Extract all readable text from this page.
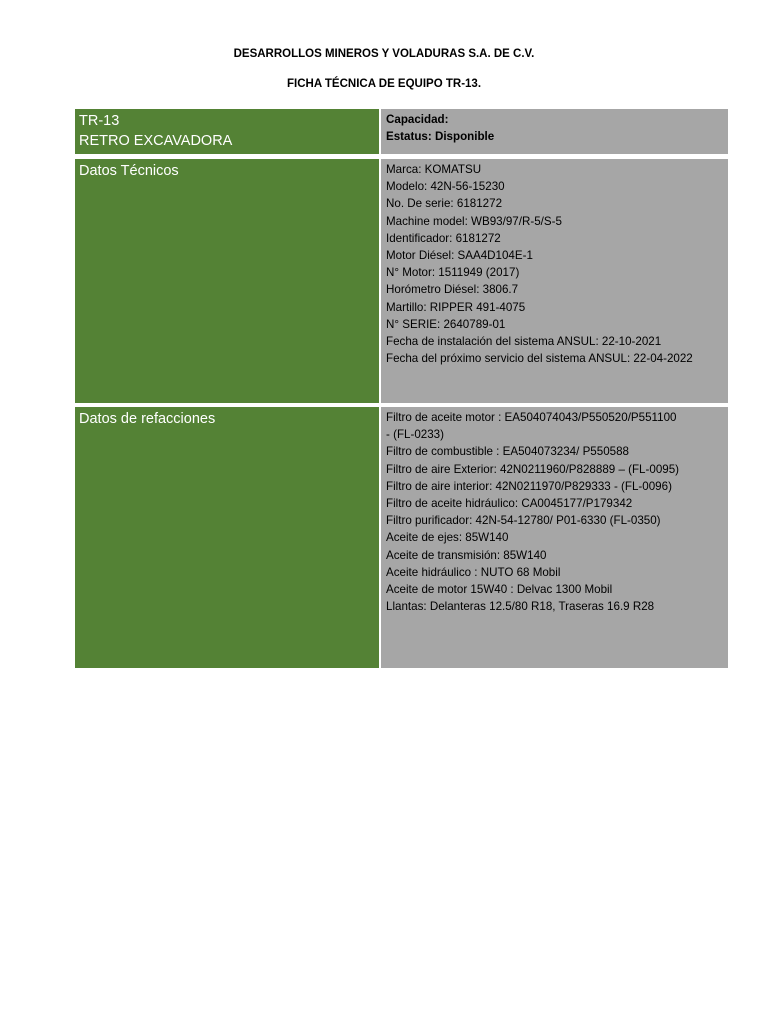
DESARROLLOS MINEROS Y VOLADURAS S.A. DE C.V.
FICHA TÉCNICA DE EQUIPO TR-13.
TR-13
RETRO EXCAVADORA
Capacidad:
Estatus: Disponible
Datos Técnicos	Marca: KOMATSU
Modelo: 42N-56-15230
No. De serie: 6181272
Machine model: WB93/97/R-5/S-5
Identificador: 6181272
Motor Diésel: SAA4D104E-1
N° Motor: 1511949 (2017)
Horómetro Diésel: 3806.7
Martillo: RIPPER 491-4075
N° SERIE: 2640789-01
Fecha de instalación del sistema ANSUL: 22-10-2021
Fecha del próximo servicio del sistema ANSUL: 22-04-2022
Datos de refacciones	Filtro de aceite motor : EA504074043/P550520/P551100
- (FL-0233)
Filtro de combustible : EA504073234/ P550588
Filtro de aire Exterior: 42N0211960/P828889 – (FL-0095)
Filtro de aire interior: 42N0211970/P829333 - (FL-0096)
Filtro de aceite hidráulico: CA0045177/P179342
Filtro purificador: 42N-54-12780/ P01-6330 (FL-0350)
Aceite de ejes: 85W140
Aceite de transmisión: 85W140
Aceite hidráulico : NUTO 68 Mobil
Aceite de motor 15W40 : Delvac 1300 Mobil
Llantas: Delanteras 12.5/80 R18, Traseras 16.9 R28
